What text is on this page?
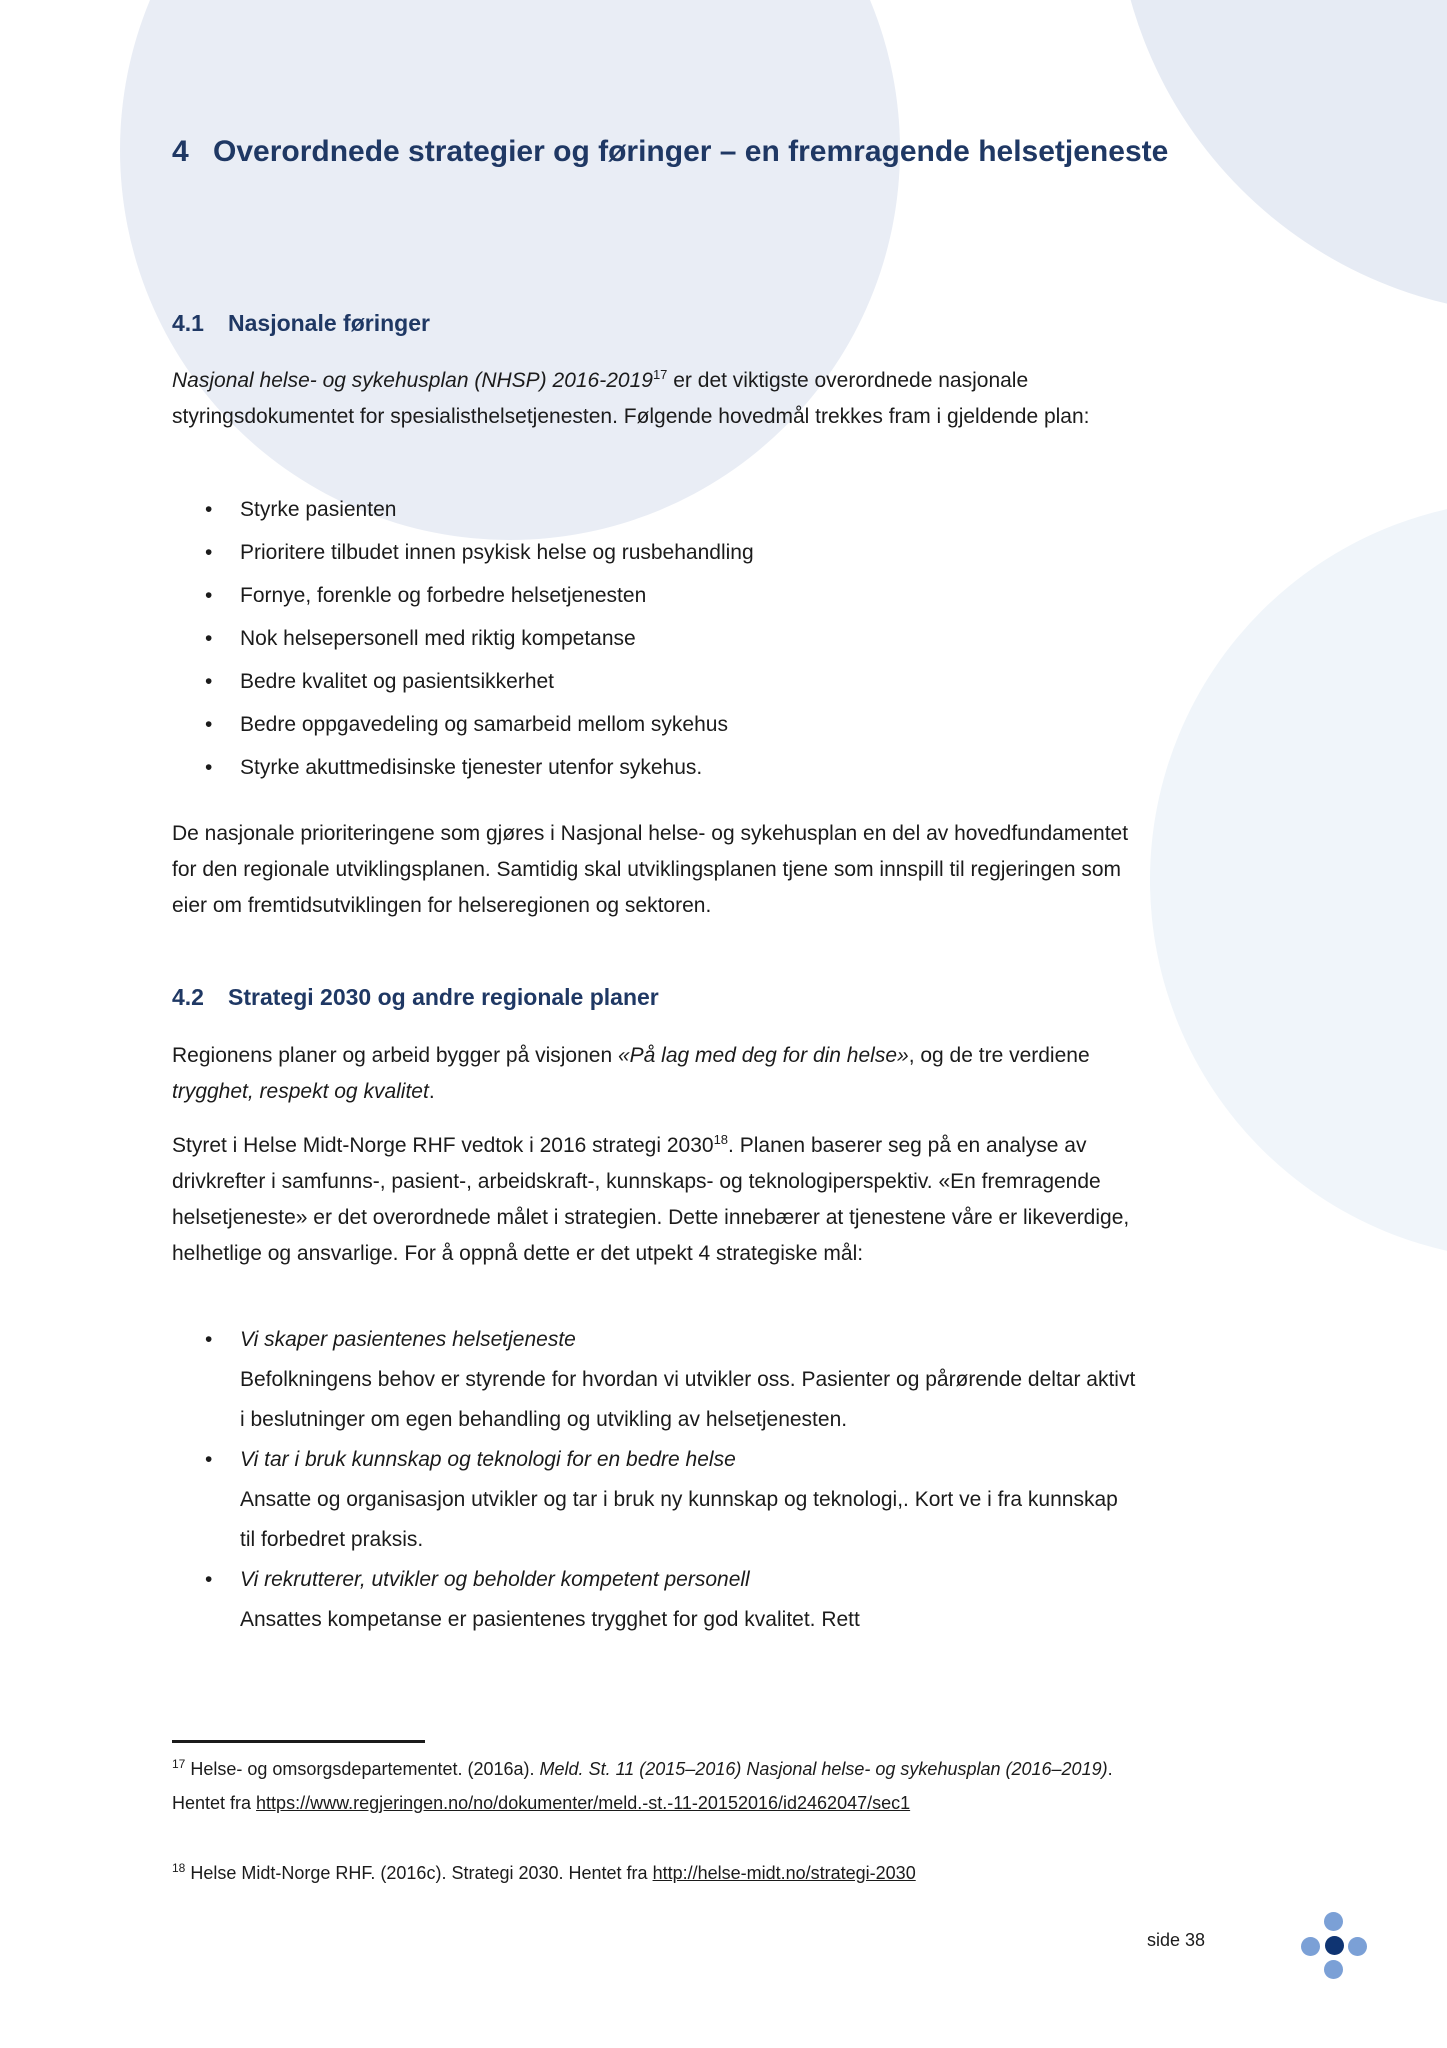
4 Overordnede strategier og føringer – en fremragende helsetjeneste
4.1 Nasjonale føringer

Nasjonal helse- og sykehusplan (NHSP) 2016-2019$^{17}$ er det viktigste overordnede nasjonale styringsdokumentet for spesialisthelsetjenesten. Følgende hovedmål trekkes fram i gjeldende plan:

• Styrke pasienten
• Prioritere tilbudet innen psykisk helse og rusbehandling
• Fornye, forenkle og forbedre helsetjenesten
• Nok helsepersonell med riktig kompetanse
• Bedre kvalitet og pasientsikkerhet
• Bedre oppgavedeling og samarbeid mellom sykehus
• Styrke akuttmedisinske tjenester utenfor sykehus.

De nasjonale prioriteringene som gjøres i Nasjonal helse- og sykehusplan en del av hovedfundamentet for den regionale utviklingsplanen. Samtidig skal utviklingsplanen tjene som innspill til regjeringen som eier om fremtidsutviklingen for helseregionen og sektoren.

4.2 Strategi 2030 og andre regionale planer

Regionens planer og arbeid bygger på visjonen «På lag med deg for din helse», og de tre verdiene trygghet, respekt og kvalitet.

Styret i Helse Midt-Norge RHF vedtok i 2016 strategi 2030$^{18}$. Planen baserer seg på en analyse av drivkrefter i samfunns-, pasient-, arbeidskraft-, kunnskaps- og teknologiperspektiv. «En fremragende helsetjeneste» er det overordnede målet i strategien. Dette innebærer at tjenestene våre er likeverdige, helhetlige og ansvarlige. For å oppnå dette er det utpekt 4 strategiske mål:

• Vi skaper pasientenes helsetjeneste
Befolkningens behov er styrende for hvordan vi utvikler oss. Pasienter og pårørende deltar aktivt i beslutninger om egen behandling og utvikling av helsetjenesten.
• Vi tar i bruk kunnskap og teknologi for en bedre helse
Ansatte og organisasjon utvikler og tar i bruk ny kunnskap og teknologi,. Kort ve i fra kunnskap til forbedret praksis.
• Vi rekrutterer, utvikler og beholder kompetent personell
Ansattes kompetanse er pasientenes trygghet for god kvalitet. Rett

$^{17}$ Helse- og omsorgsdepartementet. (2016a). Meld. St. 11 (2015–2016) Nasjonal helse- og sykehusplan (2016–2019). Hentet fra https://www.regjeringen.no/no/dokumenter/meld.-st.-11-20152016/id2462047/sec1

$^{18}$ Helse Midt-Norge RHF. (2016c). Strategi 2030. Hentet fra http://helse-midt.no/strategi-2030

side 38
